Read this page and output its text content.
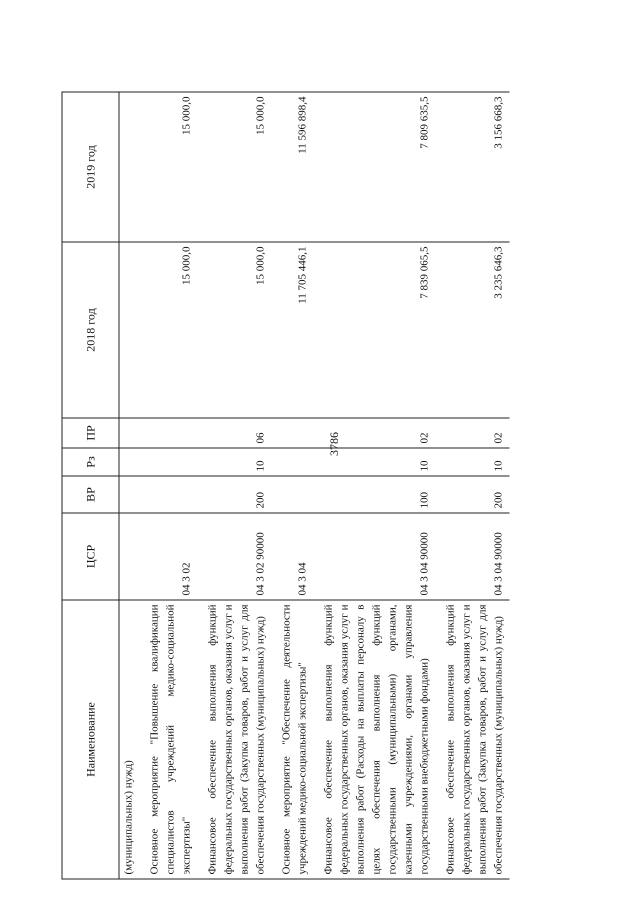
3786
Наименование	ЦСР	ВР	Рз	ПР	2018 год	2019 год
(муниципальных) нужд)						

Основное мероприятие "Повышение квалификации специалистов учреждений медико-социальной экспертизы"	04 3 02				15 000,0	15 000,0

Финансовое обеспечение выполнения функций федеральных государственных органов, оказания услуг и выполнения работ (Закупка товаров, работ и услуг для обеспечения государственных (муниципальных) нужд)	04 3 02 90000	200	10	06	15 000,0	15 000,0

Основное мероприятие "Обеспечение деятельности учреждений медико-социальной экспертизы"	04 3 04				11 705 446,1	11 596 898,4

Финансовое обеспечение выполнения функций федеральных государственных органов, оказания услуг и выполнения работ (Расходы на выплаты персоналу в целях обеспечения выполнения функций государственными (муниципальными) органами, казенными учреждениями, органами управления государственными внебюджетными фондами)	04 3 04 90000	100	10	02	7 839 065,5	7 809 635,5

Финансовое обеспечение выполнения функций федеральных государственных органов, оказания услуг и выполнения работ (Закупка товаров, работ и услуг для обеспечения государственных (муниципальных) нужд)	04 3 04 90000	200	10	02	3 235 646,3	3 156 668,3
